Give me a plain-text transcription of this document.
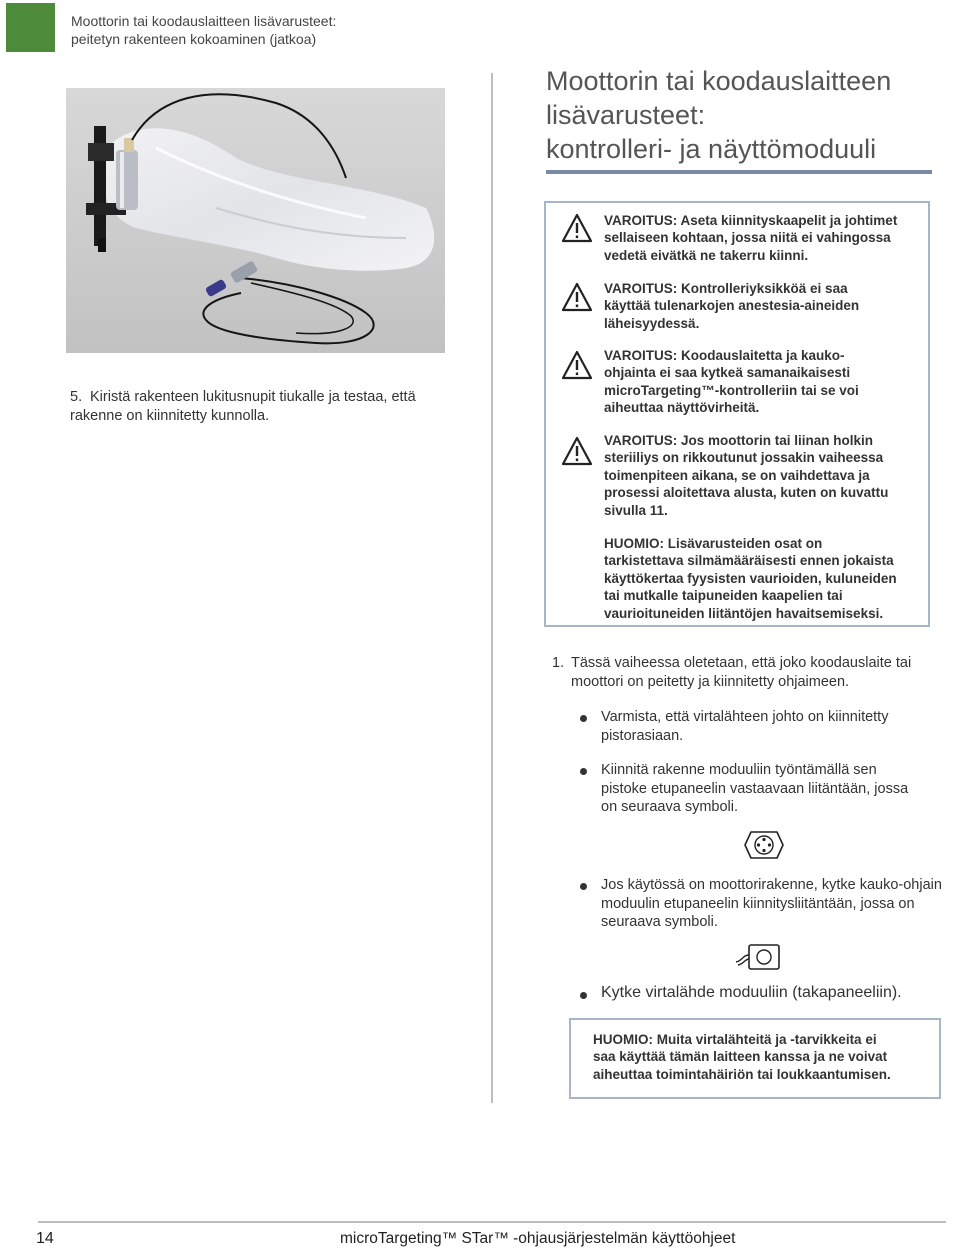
Moottorin tai koodauslaitteen lisävarusteet:
peitetyn rakenteen kokoaminen (jatkoa)
5. Kiristä rakenteen lukitusnupit tiukalle ja testaa, että rakenne on kiinnitetty kunnolla.
Moottorin tai koodauslaitteen
lisävarusteet:
kontrolleri- ja näyttömoduuli
VAROITUS: Aseta kiinnityskaapelit ja johtimet
sellaiseen kohtaan, jossa niitä ei vahingossa
vedetä eivätkä ne takerru kiinni.
VAROITUS: Kontrolleriyksikköä ei saa
käyttää tulenarkojen anestesia-aineiden
läheisyydessä.
VAROITUS: Koodauslaitetta ja kauko-
ohjainta ei saa kytkeä samanaikaisesti
microTargeting™-kontrolleriin tai se voi
aiheuttaa näyttövirheitä.
VAROITUS: Jos moottorin tai liinan holkin
steriiliys on rikkoutunut jossakin vaiheessa
toimenpiteen aikana, se on vaihdettava ja
prosessi aloitettava alusta, kuten on kuvattu
sivulla 11.
HUOMIO: Lisävarusteiden osat on
tarkistettava silmämääräisesti ennen jokaista
käyttökertaa fyysisten vaurioiden, kuluneiden
tai mutkalle taipuneiden kaapelien tai
vaurioituneiden liitäntöjen havaitsemiseksi.
1. Tässä vaiheessa oletetaan, että joko koodauslaite tai
moottori on peitetty ja kiinnitetty ohjaimeen.
Varmista, että virtalähteen johto on kiinnitetty
pistorasiaan.
Kiinnitä rakenne moduuliin työntämällä sen
pistoke etupaneelin vastaavaan liitäntään, jossa
on seuraava symboli.
Jos käytössä on moottorirakenne, kytke kauko-ohjain
moduulin etupaneelin kiinnitysliitäntään, jossa on
seuraava symboli.
Kytke virtalähde moduuliin (takapaneeliin).
HUOMIO: Muita virtalähteitä ja -tarvikkeita ei
saa käyttää tämän laitteen kanssa ja ne voivat
aiheuttaa toimintahäiriön tai loukkaantumisen.
14	microTargeting™ STar™ -ohjausjärjestelmän käyttöohjeet
